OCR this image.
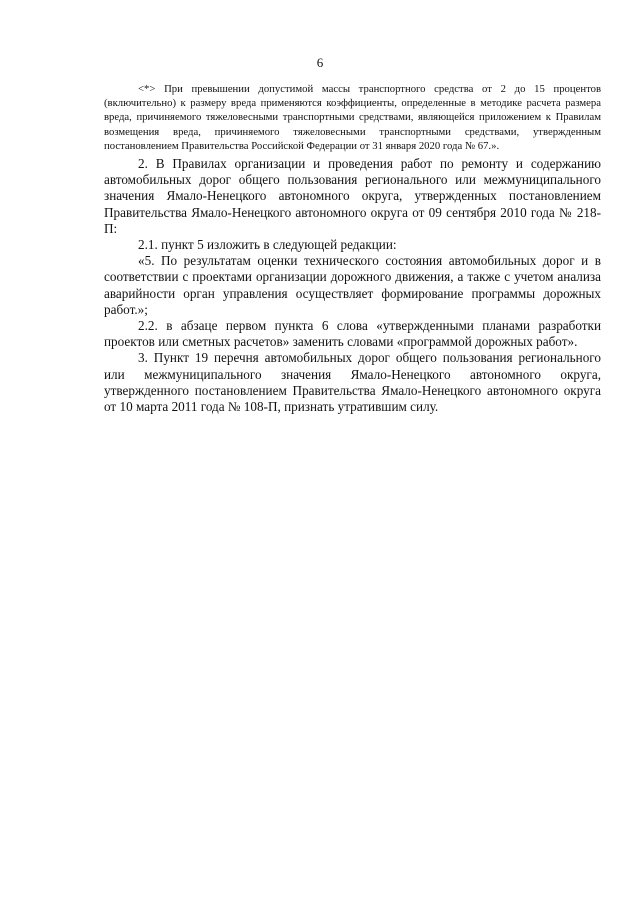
6

<*> При превышении допустимой массы транспортного средства от 2 до 15 процентов (включительно) к размеру вреда применяются коэффициенты, определенные в методике расчета размера вреда, причиняемого тяжеловесными транспортными средствами, являющейся приложением к Правилам возмещения вреда, причиняемого тяжеловесными транспортными средствами, утвержденным постановлением Правительства Российской Федерации от 31 января 2020 года № 67.».

2. В Правилах организации и проведения работ по ремонту и содержанию автомобильных дорог общего пользования регионального или межмуниципального значения Ямало-Ненецкого автономного округа, утвержденных постановлением Правительства Ямало-Ненецкого автономного округа от 09 сентября 2010 года № 218-П:

2.1. пункт 5 изложить в следующей редакции:

«5. По результатам оценки технического состояния автомобильных дорог и в соответствии с проектами организации дорожного движения, а также с учетом анализа аварийности орган управления осуществляет формирование программы дорожных работ.»;

2.2. в абзаце первом пункта 6 слова «утвержденными планами разработки проектов или сметных расчетов» заменить словами «программой дорожных работ».

3. Пункт 19 перечня автомобильных дорог общего пользования регионального или межмуниципального значения Ямало-Ненецкого автономного округа, утвержденного постановлением Правительства Ямало-Ненецкого автономного округа от 10 марта 2011 года № 108-П, признать утратившим силу.
